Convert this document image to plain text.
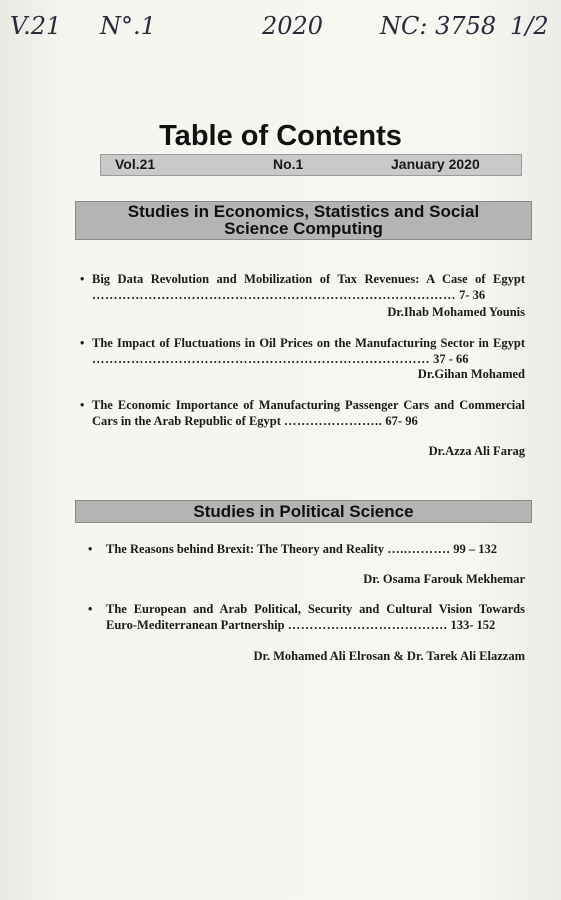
V.21 N°.1	2020 NC: 3758 1/2
Table of Contents
Vol.21	No.1	January 2020
Studies in Economics, Statistics and Social
Science Computing
• Big Data Revolution and Mobilization of Tax Revenues: A Case of Egypt ………………………………………………………………………… 7- 36
Dr.Ihab Mohamed Younis
• The Impact of Fluctuations in Oil Prices on the Manufacturing Sector in Egypt …………………………………………………………………… 37 - 66
Dr.Gihan Mohamed
• The Economic Importance of Manufacturing Passenger Cars and Commercial Cars in the Arab Republic of Egypt ………………….. 67- 96
Dr.Azza Ali Farag
Studies in Political Science
• The Reasons behind Brexit: The Theory and Reality …..………. 99 – 132
Dr. Osama Farouk Mekhemar
• The European and Arab Political, Security and Cultural Vision Towards Euro-Mediterranean Partnership ………………………………. 133- 152
Dr. Mohamed Ali Elrosan & Dr. Tarek Ali Elazzam
